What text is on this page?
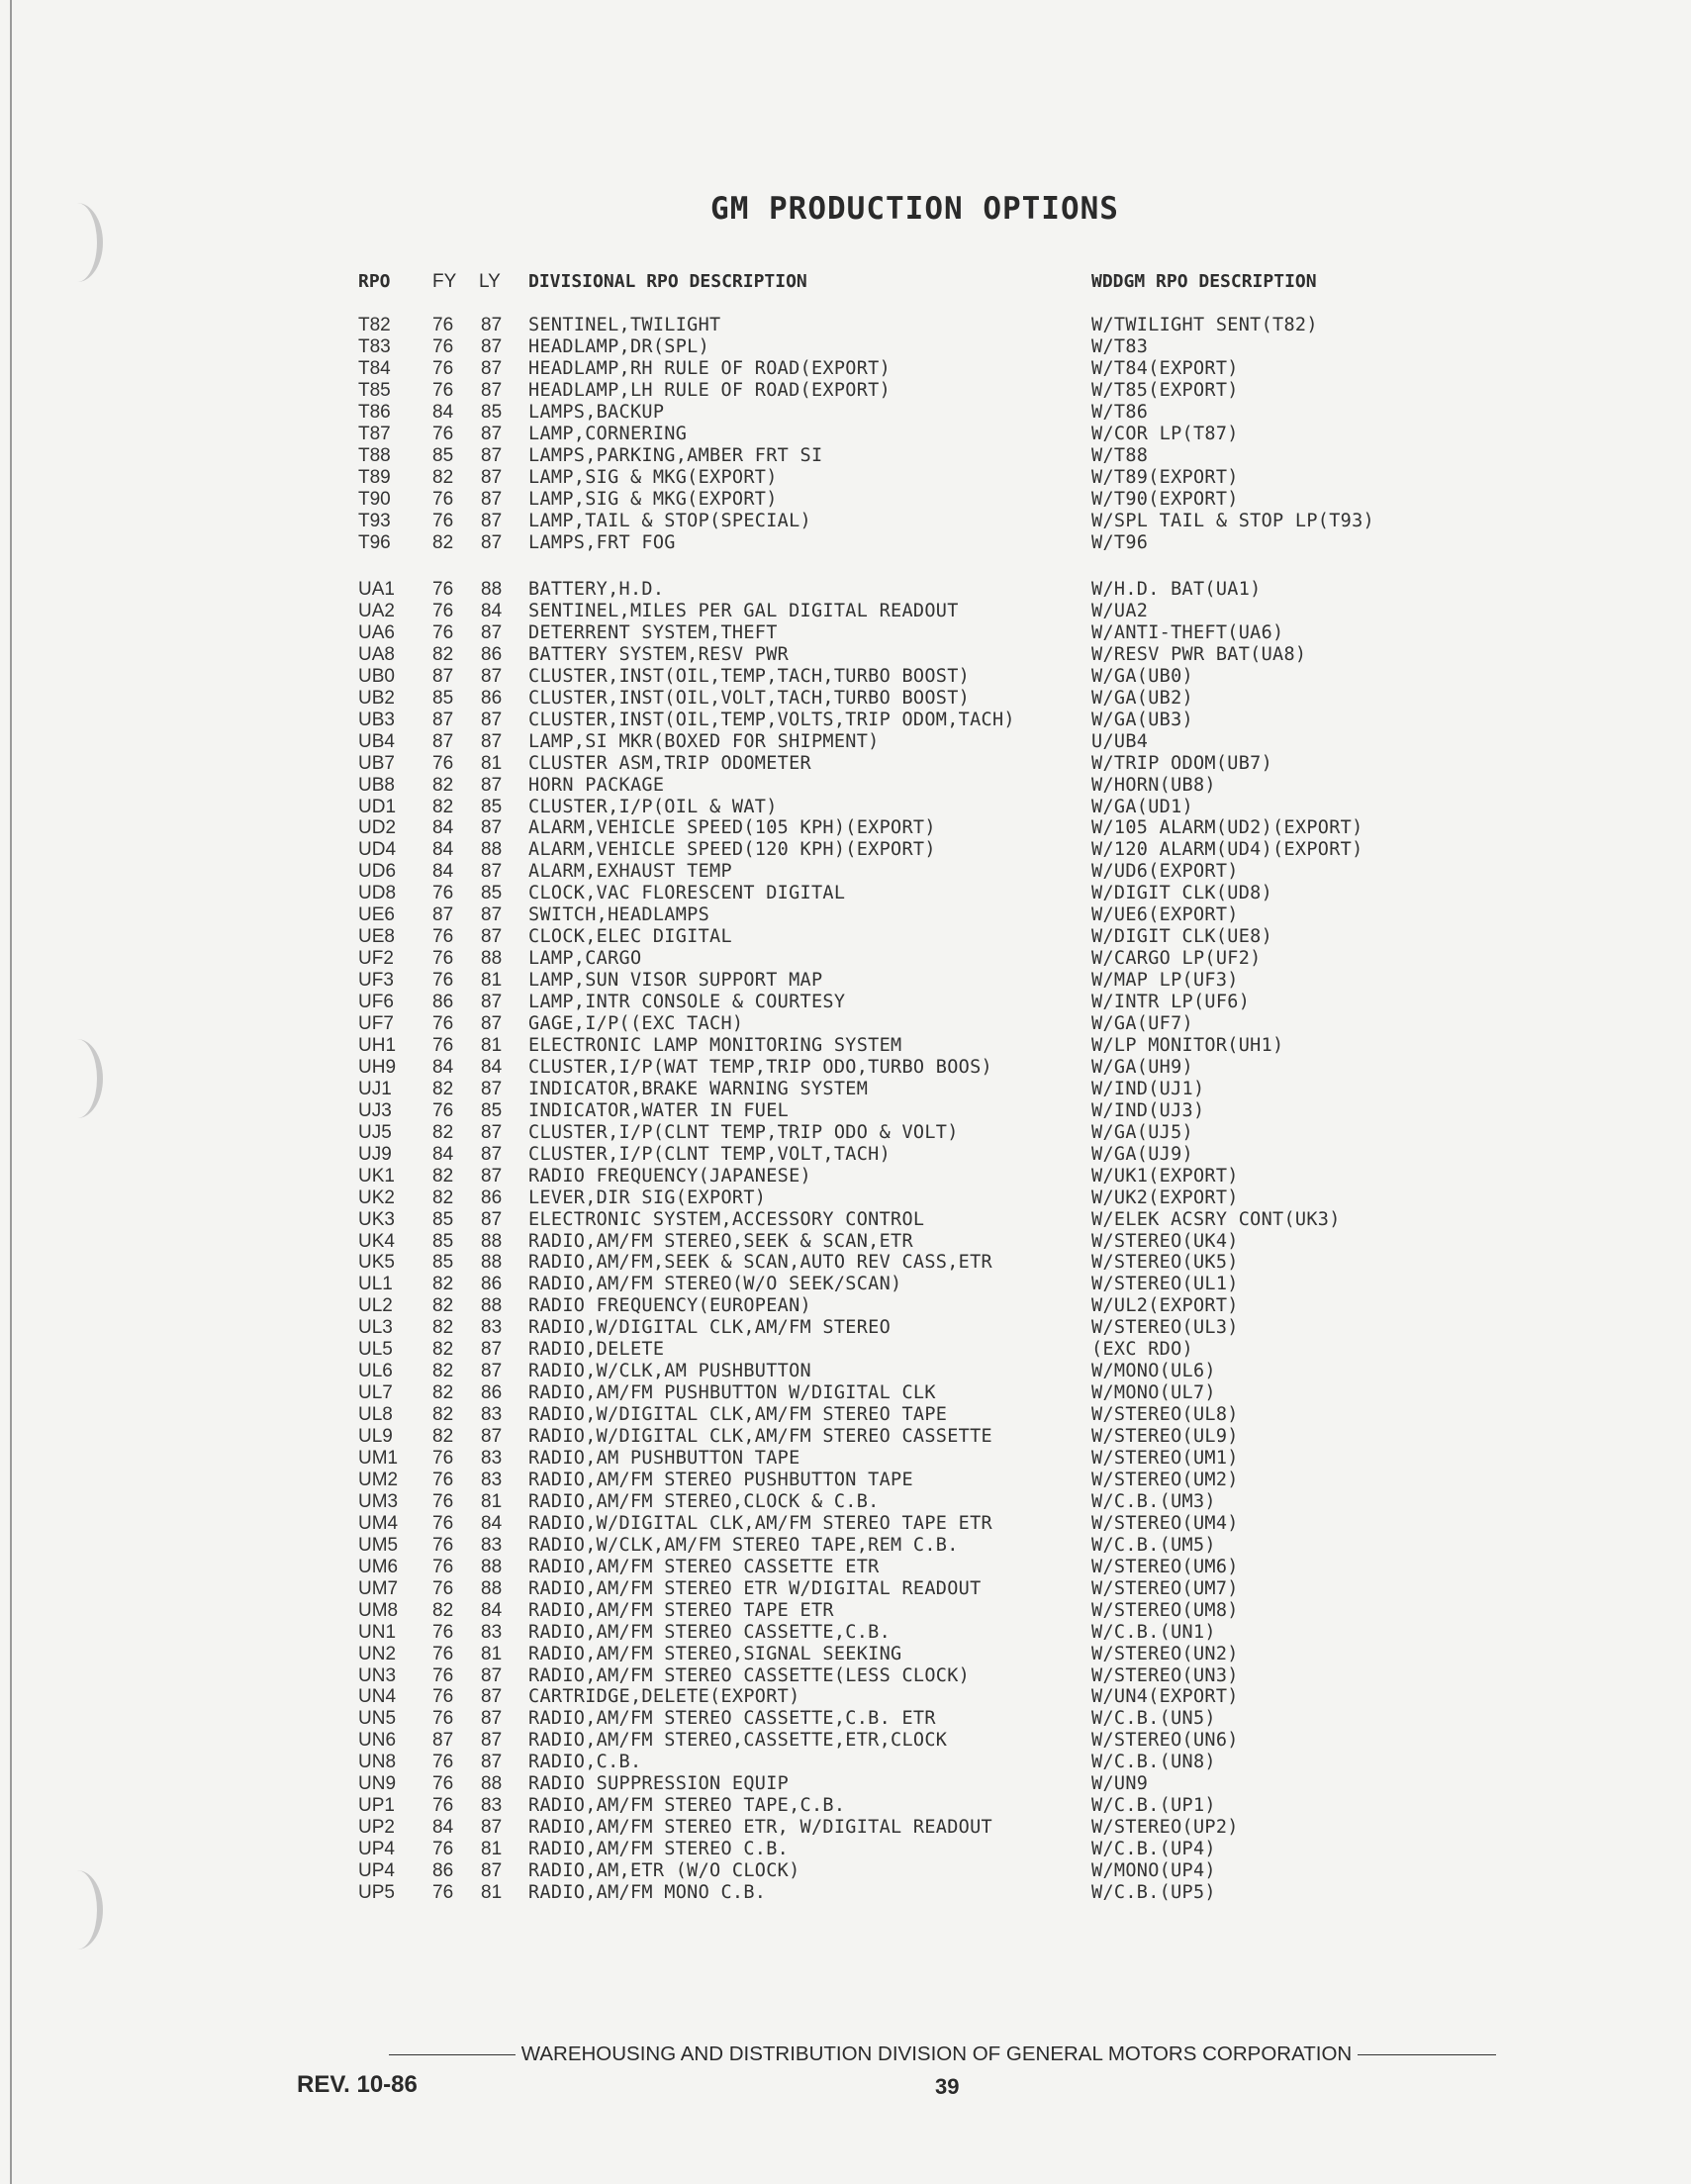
GM PRODUCTION OPTIONS
RPO FY LY DIVISIONAL RPO DESCRIPTION	WDDGM RPO DESCRIPTION
T82 76 87 SENTINEL,TWILIGHT	W/TWILIGHT SENT(T82)
T83 76 87 HEADLAMP,DR(SPL)	W/T83
T84 76 87 HEADLAMP,RH RULE OF ROAD(EXPORT)	W/T84(EXPORT)
T85 76 87 HEADLAMP,LH RULE OF ROAD(EXPORT)	W/T85(EXPORT)
T86 84 85 LAMPS,BACKUP	W/T86
T87 76 87 LAMP,CORNERING	W/COR LP(T87)
T88 85 87 LAMPS,PARKING,AMBER FRT SI	W/T88
T89 82 87 LAMP,SIG & MKG(EXPORT)	W/T89(EXPORT)
T90 76 87 LAMP,SIG & MKG(EXPORT)	W/T90(EXPORT)
T93 76 87 LAMP,TAIL & STOP(SPECIAL)	W/SPL TAIL & STOP LP(T93)
T96 82 87 LAMPS,FRT FOG	W/T96
UA1 76 88 BATTERY,H.D.	W/H.D. BAT(UA1)
UA2 76 84 SENTINEL,MILES PER GAL DIGITAL READOUT	W/UA2
UA6 76 87 DETERRENT SYSTEM,THEFT	W/ANTI-THEFT(UA6)
UA8 82 86 BATTERY SYSTEM,RESV PWR	W/RESV PWR BAT(UA8)
UB0 87 87 CLUSTER,INST(OIL,TEMP,TACH,TURBO BOOST)	W/GA(UB0)
UB2 85 86 CLUSTER,INST(OIL,VOLT,TACH,TURBO BOOST)	W/GA(UB2)
UB3 87 87 CLUSTER,INST(OIL,TEMP,VOLTS,TRIP ODOM,TACH)	W/GA(UB3)
UB4 87 87 LAMP,SI MKR(BOXED FOR SHIPMENT)	U/UB4
UB7 76 81 CLUSTER ASM,TRIP ODOMETER	W/TRIP ODOM(UB7)
UB8 82 87 HORN PACKAGE	W/HORN(UB8)
UD1 82 85 CLUSTER,I/P(OIL & WAT)	W/GA(UD1)
UD2 84 87 ALARM,VEHICLE SPEED(105 KPH)(EXPORT)	W/105 ALARM(UD2)(EXPORT)
UD4 84 88 ALARM,VEHICLE SPEED(120 KPH)(EXPORT)	W/120 ALARM(UD4)(EXPORT)
UD6 84 87 ALARM,EXHAUST TEMP	W/UD6(EXPORT)
UD8 76 85 CLOCK,VAC FLORESCENT DIGITAL	W/DIGIT CLK(UD8)
UE6 87 87 SWITCH,HEADLAMPS	W/UE6(EXPORT)
UE8 76 87 CLOCK,ELEC DIGITAL	W/DIGIT CLK(UE8)
UF2 76 88 LAMP,CARGO	W/CARGO LP(UF2)
UF3 76 81 LAMP,SUN VISOR SUPPORT MAP	W/MAP LP(UF3)
UF6 86 87 LAMP,INTR CONSOLE & COURTESY	W/INTR LP(UF6)
UF7 76 87 GAGE,I/P((EXC TACH)	W/GA(UF7)
UH1 76 81 ELECTRONIC LAMP MONITORING SYSTEM	W/LP MONITOR(UH1)
UH9 84 84 CLUSTER,I/P(WAT TEMP,TRIP ODO,TURBO BOOS)	W/GA(UH9)
UJ1 82 87 INDICATOR,BRAKE WARNING SYSTEM	W/IND(UJ1)
UJ3 76 85 INDICATOR,WATER IN FUEL	W/IND(UJ3)
UJ5 82 87 CLUSTER,I/P(CLNT TEMP,TRIP ODO & VOLT)	W/GA(UJ5)
UJ9 84 87 CLUSTER,I/P(CLNT TEMP,VOLT,TACH)	W/GA(UJ9)
UK1 82 87 RADIO FREQUENCY(JAPANESE)	W/UK1(EXPORT)
UK2 82 86 LEVER,DIR SIG(EXPORT)	W/UK2(EXPORT)
UK3 85 87 ELECTRONIC SYSTEM,ACCESSORY CONTROL	W/ELEK ACSRY CONT(UK3)
UK4 85 88 RADIO,AM/FM STEREO,SEEK & SCAN,ETR	W/STEREO(UK4)
UK5 85 88 RADIO,AM/FM,SEEK & SCAN,AUTO REV CASS,ETR	W/STEREO(UK5)
UL1 82 86 RADIO,AM/FM STEREO(W/O SEEK/SCAN)	W/STEREO(UL1)
UL2 82 88 RADIO FREQUENCY(EUROPEAN)	W/UL2(EXPORT)
UL3 82 83 RADIO,W/DIGITAL CLK,AM/FM STEREO	W/STEREO(UL3)
UL5 82 87 RADIO,DELETE	(EXC RDO)
UL6 82 87 RADIO,W/CLK,AM PUSHBUTTON	W/MONO(UL6)
UL7 82 86 RADIO,AM/FM PUSHBUTTON W/DIGITAL CLK	W/MONO(UL7)
UL8 82 83 RADIO,W/DIGITAL CLK,AM/FM STEREO TAPE	W/STEREO(UL8)
UL9 82 87 RADIO,W/DIGITAL CLK,AM/FM STEREO CASSETTE	W/STEREO(UL9)
UM1 76 83 RADIO,AM PUSHBUTTON TAPE	W/STEREO(UM1)
UM2 76 83 RADIO,AM/FM STEREO PUSHBUTTON TAPE	W/STEREO(UM2)
UM3 76 81 RADIO,AM/FM STEREO,CLOCK & C.B.	W/C.B.(UM3)
UM4 76 84 RADIO,W/DIGITAL CLK,AM/FM STEREO TAPE ETR	W/STEREO(UM4)
UM5 76 83 RADIO,W/CLK,AM/FM STEREO TAPE,REM C.B.	W/C.B.(UM5)
UM6 76 88 RADIO,AM/FM STEREO CASSETTE ETR	W/STEREO(UM6)
UM7 76 88 RADIO,AM/FM STEREO ETR W/DIGITAL READOUT	W/STEREO(UM7)
UM8 82 84 RADIO,AM/FM STEREO TAPE ETR	W/STEREO(UM8)
UN1 76 83 RADIO,AM/FM STEREO CASSETTE,C.B.	W/C.B.(UN1)
UN2 76 81 RADIO,AM/FM STEREO,SIGNAL SEEKING	W/STEREO(UN2)
UN3 76 87 RADIO,AM/FM STEREO CASSETTE(LESS CLOCK)	W/STEREO(UN3)
UN4 76 87 CARTRIDGE,DELETE(EXPORT)	W/UN4(EXPORT)
UN5 76 87 RADIO,AM/FM STEREO CASSETTE,C.B. ETR	W/C.B.(UN5)
UN6 87 87 RADIO,AM/FM STEREO,CASSETTE,ETR,CLOCK	W/STEREO(UN6)
UN8 76 87 RADIO,C.B.	W/C.B.(UN8)
UN9 76 88 RADIO SUPPRESSION EQUIP	W/UN9
UP1 76 83 RADIO,AM/FM STEREO TAPE,C.B.	W/C.B.(UP1)
UP2 84 87 RADIO,AM/FM STEREO ETR, W/DIGITAL READOUT	W/STEREO(UP2)
UP4 76 81 RADIO,AM/FM STEREO C.B.	W/C.B.(UP4)
UP4 86 87 RADIO,AM,ETR (W/O CLOCK)	W/MONO(UP4)
UP5 76 81 RADIO,AM/FM MONO C.B.	W/C.B.(UP5)
WAREHOUSING AND DISTRIBUTION DIVISION OF GENERAL MOTORS CORPORATION
REV. 10-86	39
